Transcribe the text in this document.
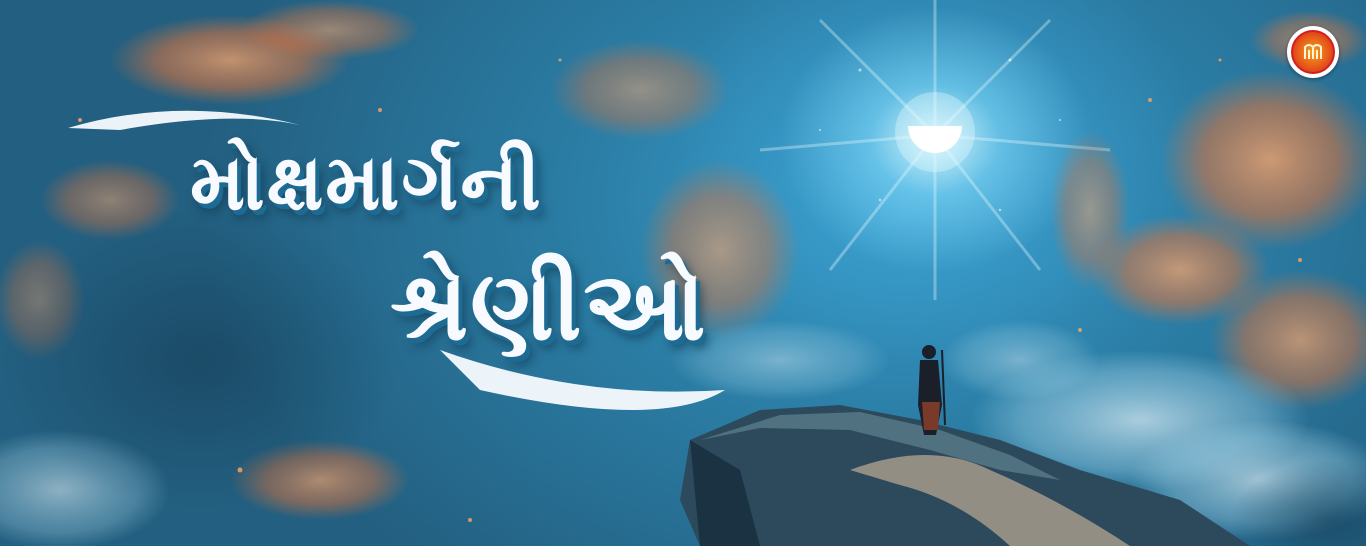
મોક્ષમાર્ગની
શ્રેણીઓ
